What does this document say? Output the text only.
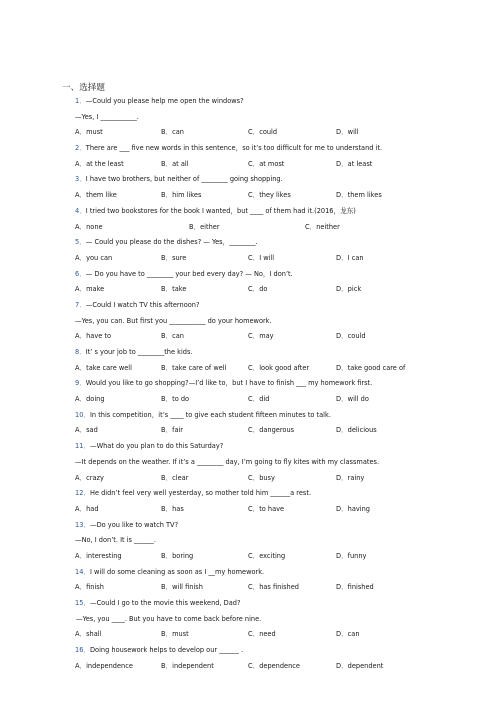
一、选择题
1．—Could you please help me open the windows?
—Yes, I ___________.
A．must	B．can	C．could	D．will
2．There are ___ five new words in this sentence，so it’s too difficult for me to understand it.
A．at the least	B．at all	C．at most	D．at least
3．I have two brothers, but neither of ________ going shopping.
A．them like	B．him likes	C．they likes	D．them likes
4．I tried two bookstores for the book I wanted，but ____ of them had it.(2016，龙东)
A．none	B．either	C．neither
5．— Could you please do the dishes? — Yes，________.
A．you can	B．sure	C．I will	D．I can
6．— Do you have to ________ your bed every day? — No，I don’t.
A．make	B．take	C．do	D．pick
7．—Could I watch TV this afternoon?
—Yes, you can. But first you ___________ do your homework.
A．have to	B．can	C．may	D．could
8．It’ s your job to ________the kids.
A．take care well	B．take care of well	C．look good after	D．take good care of
9．Would you like to go shopping?—I’d like to，but I have to finish ___ my homework first.
A．doing	B．to do	C．did	D．will do
10．In this competition，it’s ____ to give each student fifteen minutes to talk.
A．sad	B．fair	C．dangerous	D．delicious
11．—What do you plan to do this Saturday?
—It depends on the weather. If it’s a ________ day, I’m going to fly kites with my classmates.
A．crazy	B．clear	C．busy	D．rainy
12．He didn’t feel very well yesterday, so mother told him ______a rest.
A．had	B．has	C．to have	D．having
13．—Do you like to watch TV?
—No, I don’t. It is ______.
A．interesting	B．boring	C．exciting	D．funny
14．I will do some cleaning as soon as I __my homework.
A．finish	B．will finish	C．has finished	D．finished
15．—Could I go to the movie this weekend, Dad?
—Yes, you ____. But you have to come back before nine.
A．shall	B．must	C．need	D．can
16．Doing housework helps to develop our ______ .
A．independence	B．independent	C．dependence	D．dependent
